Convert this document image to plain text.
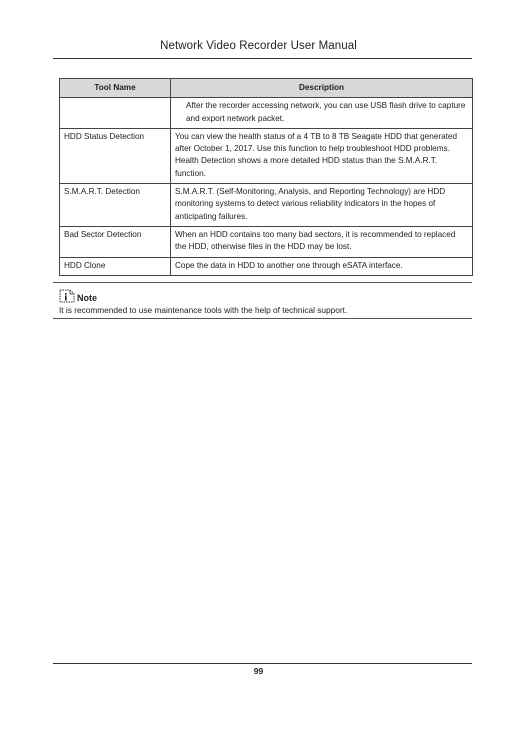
Network Video Recorder User Manual
Tool Name	Description
	After the recorder accessing network, you can use USB flash drive to capture and export network packet.
HDD Status Detection	You can view the health status of a 4 TB to 8 TB Seagate HDD that generated after October 1, 2017. Use this function to help troubleshoot HDD problems. Health Detection shows a more detailed HDD status than the S.M.A.R.T. function.
S.M.A.R.T. Detection	S.M.A.R.T. (Self-Monitoring, Analysis, and Reporting Technology) are HDD monitoring systems to detect various reliability indicators in the hopes of anticipating failures.
Bad Sector Detection	When an HDD contains too many bad sectors, it is recommended to replaced the HDD, otherwise files in the HDD may be lost.
HDD Clone	Cope the data in HDD to another one through eSATA interface.
Note
It is recommended to use maintenance tools with the help of technical support.
99
